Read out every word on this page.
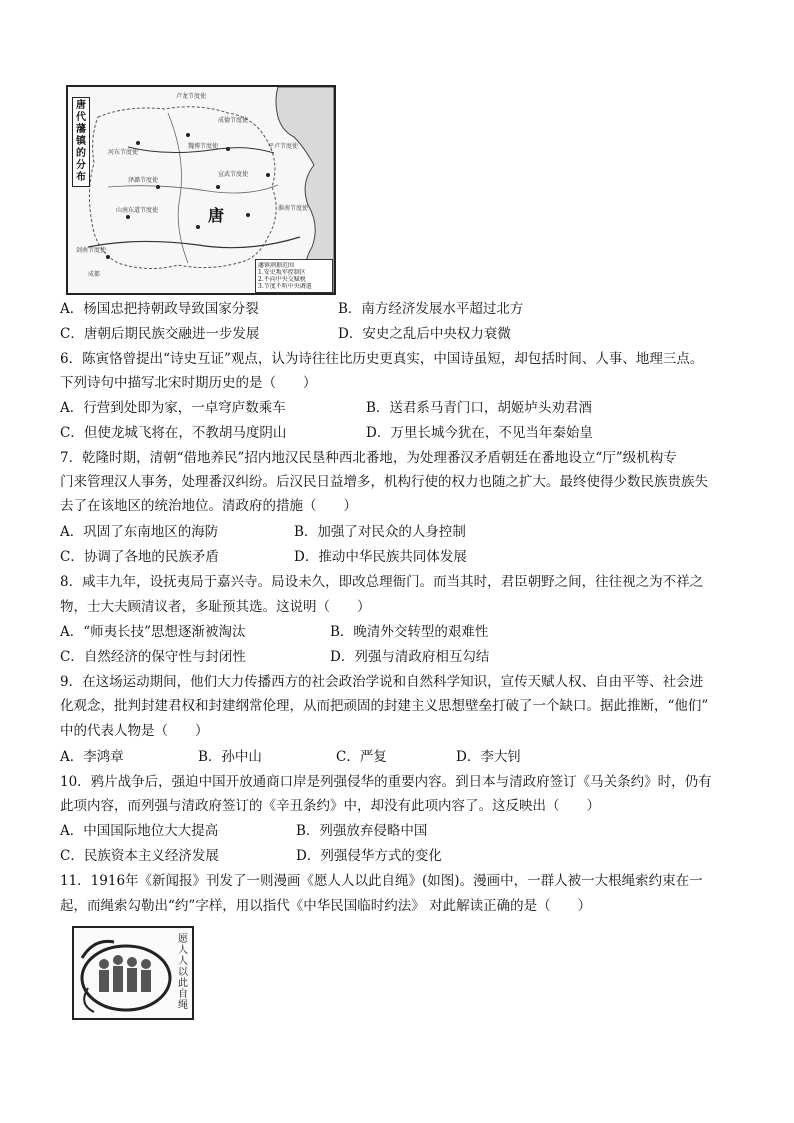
唐代藩镇的分布
唐
卢龙节度使
成德节度使
魏博节度使	平卢节度使
河东节度使
泽潞节度使
宣武节度使
淮南节度使
山南东道节度使
剑南节度使
成都
藩镇割据范围
1.安史叛军控制区
2.不向中央交赋税
3.节度不听中央调遣
A．杨国忠把持朝政导致国家分裂	B．南方经济发展水平超过北方
C．唐朝后期民族交融进一步发展	D．安史之乱后中央权力衰微
6．陈寅恪曾提出“诗史互证”观点，认为诗往往比历史更真实，中国诗虽短，却包括时间、人事、地理三点。
下列诗句中描写北宋时期历史的是（　　）
A．行营到处即为家，一卓穹庐数乘车	B．送君系马青门口，胡姬垆头劝君酒
C．但使龙城飞将在，不教胡马度阴山	D．万里长城今犹在，不见当年秦始皇
7．乾隆时期，清朝“借地养民”招内地汉民垦种西北番地，为处理番汉矛盾朝廷在番地设立“厅”级机构专
门来管理汉人事务，处理番汉纠纷。后汉民日益增多，机构行使的权力也随之扩大。最终使得少数民族贵族失
去了在该地区的统治地位。清政府的措施（　　）
A．巩固了东南地区的海防	B．加强了对民众的人身控制
C．协调了各地的民族矛盾	D．推动中华民族共同体发展
8．咸丰九年，设抚夷局于嘉兴寺。局设未久，即改总理衙门。而当其时，君臣朝野之间，往往视之为不祥之
物，士大夫顾清议者，多耻预其选。这说明（　　）
A．“师夷长技”思想逐渐被淘汰	B．晚清外交转型的艰难性
C．自然经济的保守性与封闭性	D．列强与清政府相互勾结
9．在这场运动期间，他们大力传播西方的社会政治学说和自然科学知识，宣传天赋人权、自由平等、社会进
化观念，批判封建君权和封建纲常伦理，从而把顽固的封建主义思想壁垒打破了一个缺口。据此推断，“他们”
中的代表人物是（　　）
A．李鸿章	B．孙中山	C．严复	D．李大钊
10．鸦片战争后，强迫中国开放通商口岸是列强侵华的重要内容。到日本与清政府签订《马关条约》时，仍有
此项内容，而列强与清政府签订的《辛丑条约》中，却没有此项内容了。这反映出（　　）
A．中国国际地位大大提高	B．列强放弃侵略中国
C．民族资本主义经济发展	D．列强侵华方式的变化
11．1916年《新闻报》刊发了一则漫画《愿人人以此自绳》(如图)。漫画中，一群人被一大根绳索约束在一
起，而绳索勾勒出“约”字样，用以指代《中华民国临时约法》 对此解读正确的是（　　）
愿人人以此自绳
